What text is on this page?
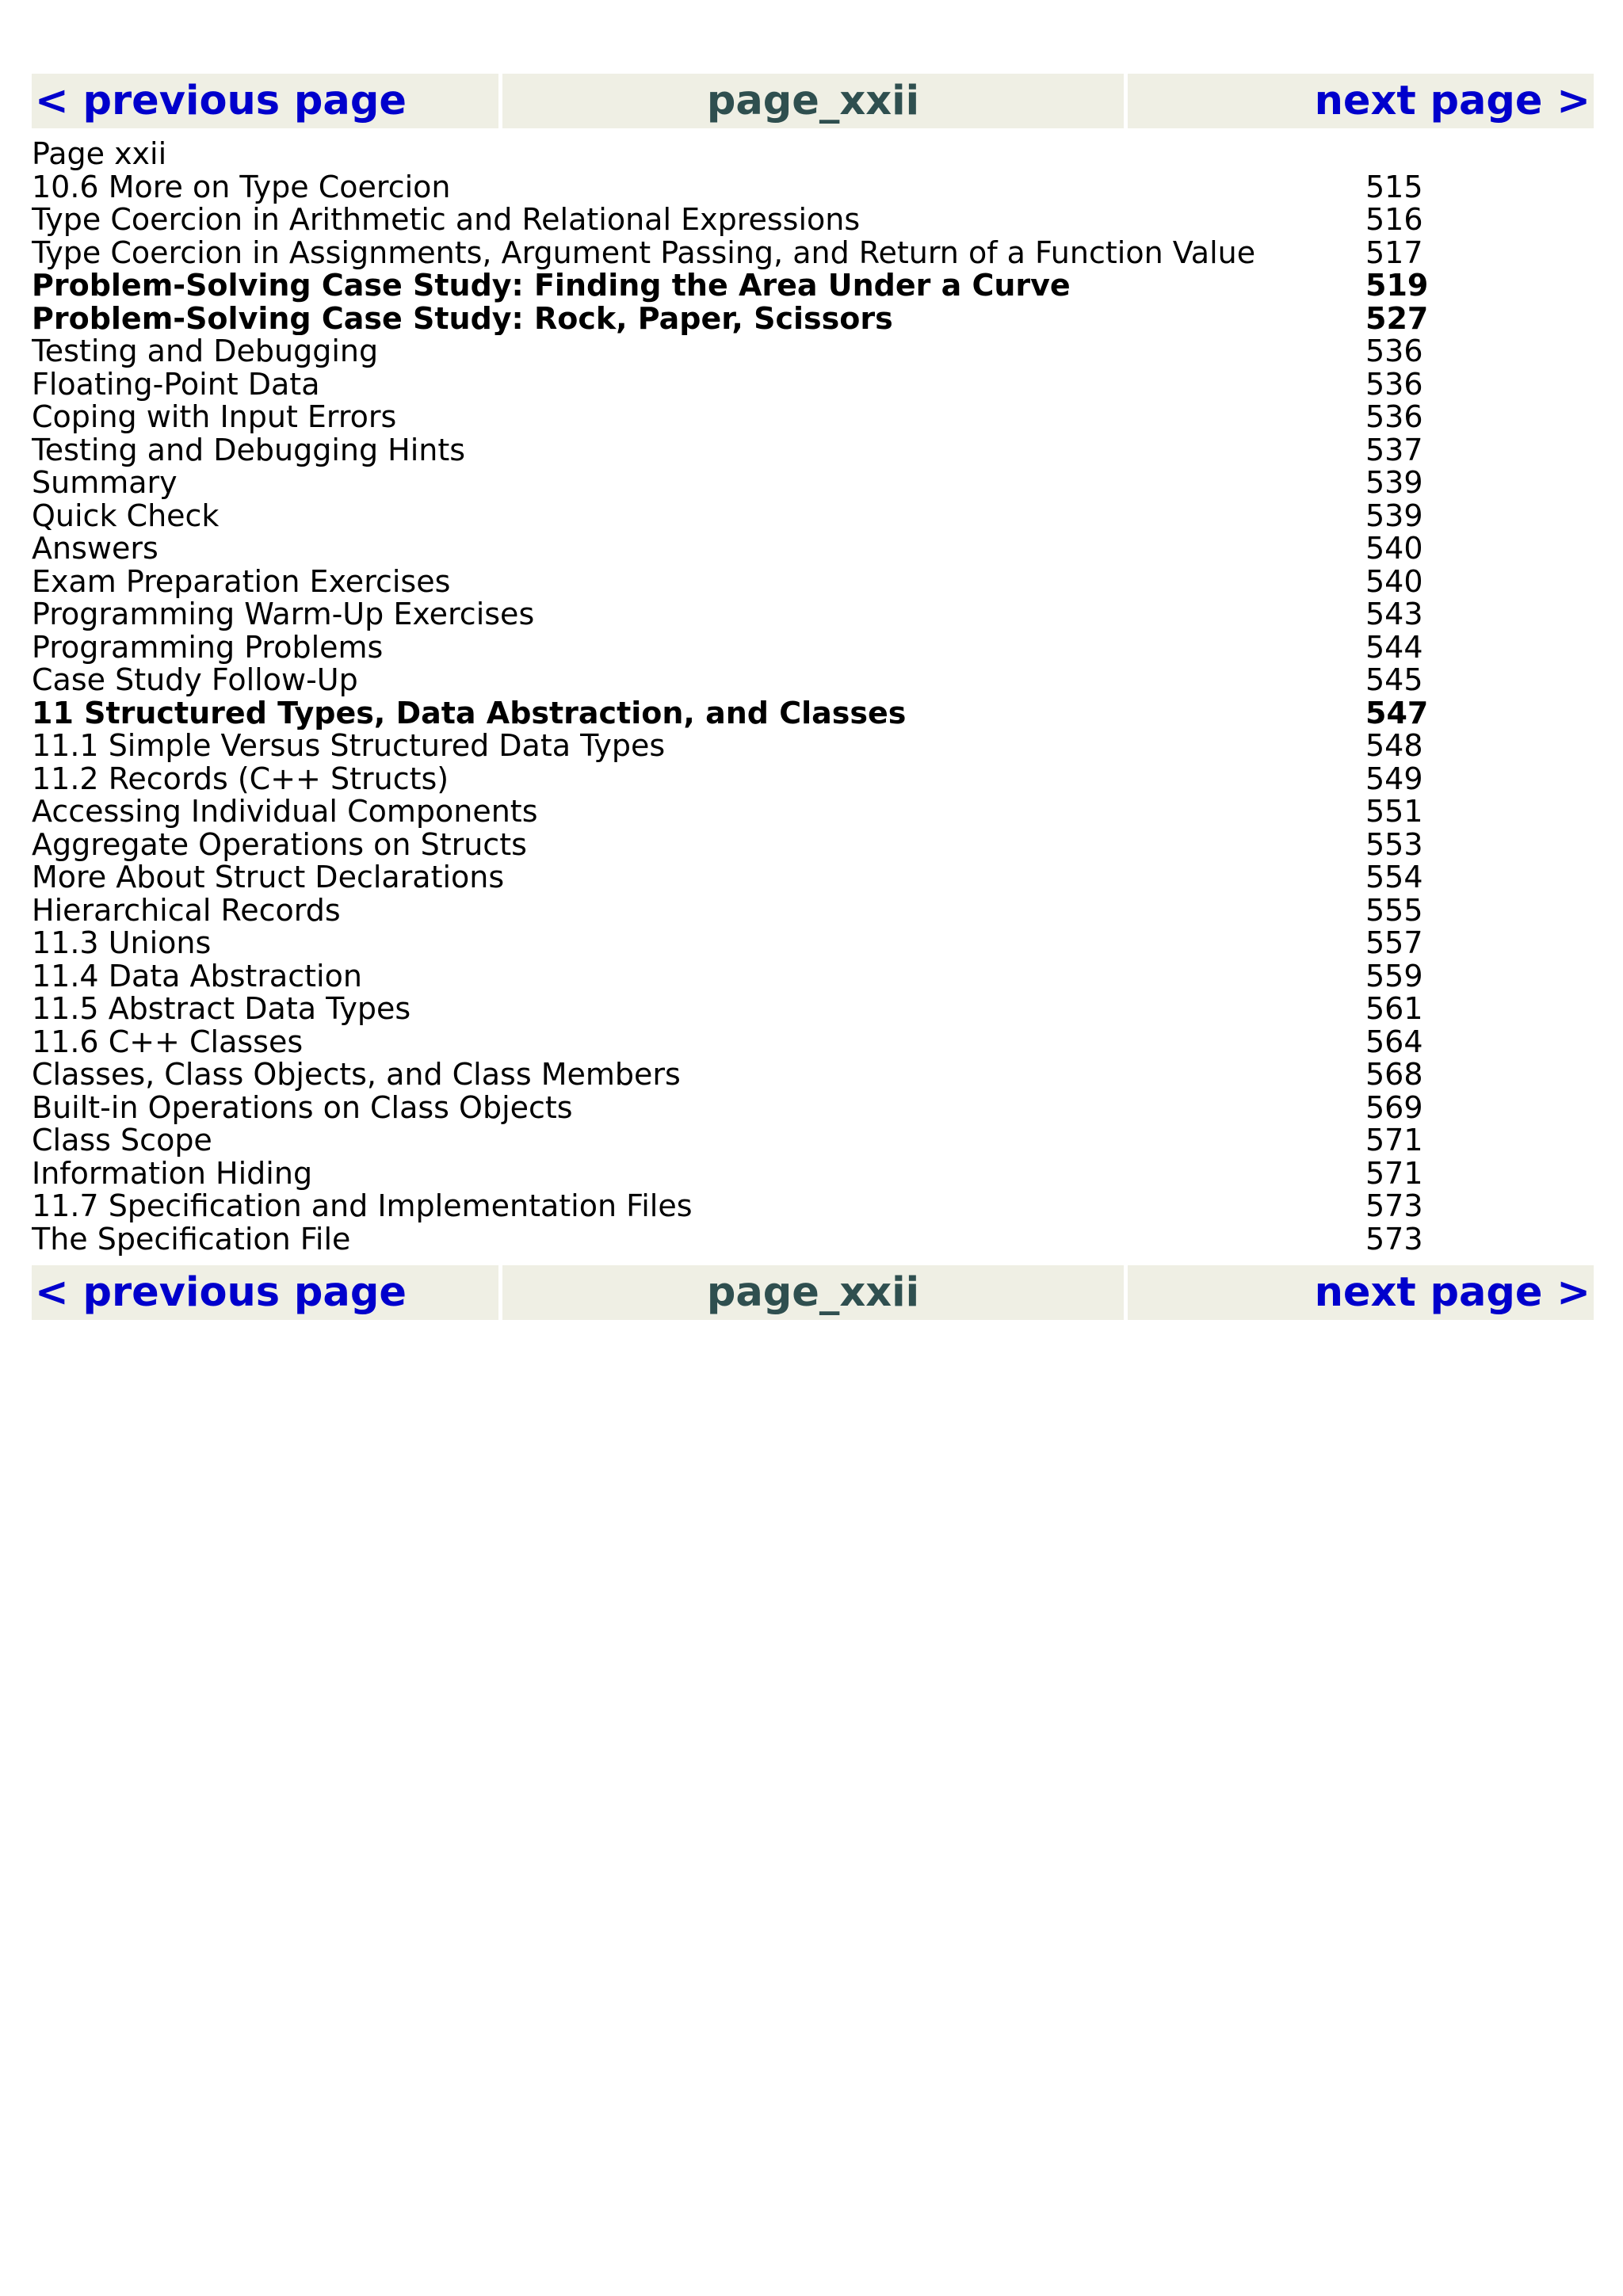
< previous page	page_xxii	next page >
Page xxii
10.6 More on Type Coercion	515
Type Coercion in Arithmetic and Relational Expressions	516
Type Coercion in Assignments, Argument Passing, and Return of a Function Value	517
Problem-Solving Case Study: Finding the Area Under a Curve	519
Problem-Solving Case Study: Rock, Paper, Scissors	527
Testing and Debugging	536
Floating-Point Data	536
Coping with Input Errors	536
Testing and Debugging Hints	537
Summary	539
Quick Check	539
Answers	540
Exam Preparation Exercises	540
Programming Warm-Up Exercises	543
Programming Problems	544
Case Study Follow-Up	545
11 Structured Types, Data Abstraction, and Classes	547
11.1 Simple Versus Structured Data Types	548
11.2 Records (C++ Structs)	549
Accessing Individual Components	551
Aggregate Operations on Structs	553
More About Struct Declarations	554
Hierarchical Records	555
11.3 Unions	557
11.4 Data Abstraction	559
11.5 Abstract Data Types	561
11.6 C++ Classes	564
Classes, Class Objects, and Class Members	568
Built-in Operations on Class Objects	569
Class Scope	571
Information Hiding	571
11.7 Specification and Implementation Files	573
The Specification File	573
< previous page	page_xxii	next page >
